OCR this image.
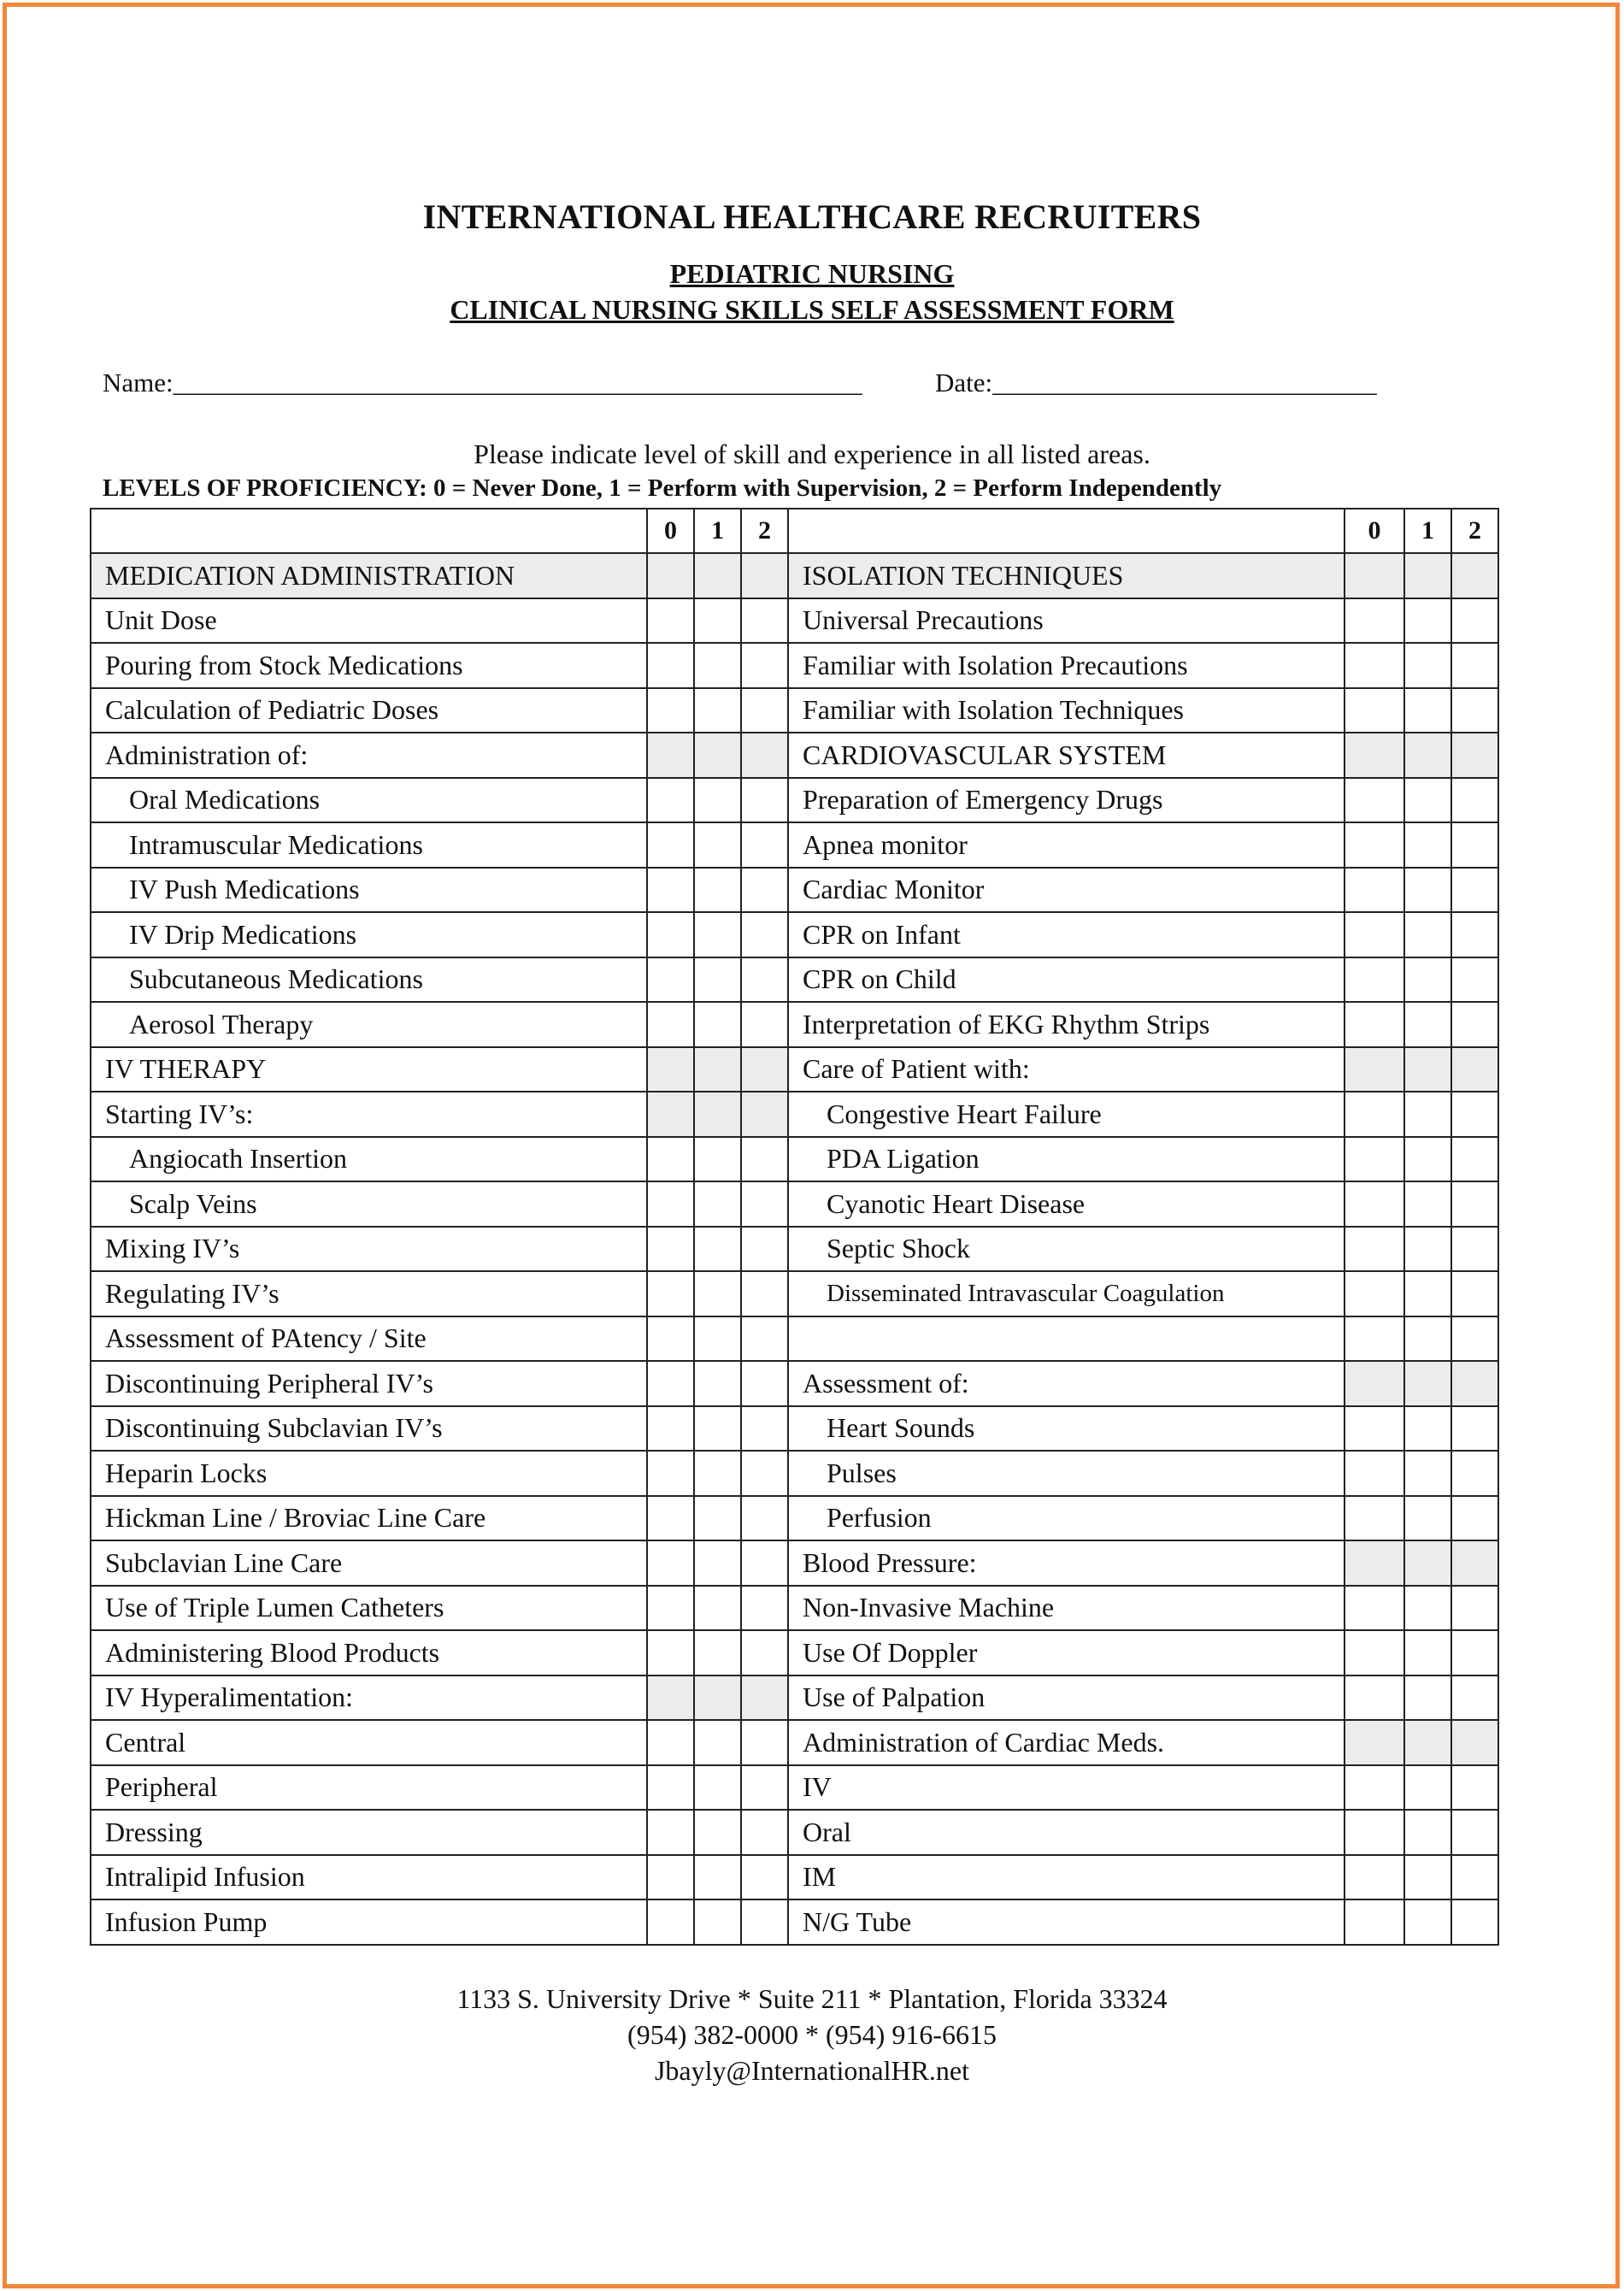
INTERNATIONAL HEALTHCARE RECRUITERS
PEDIATRIC NURSING
CLINICAL NURSING SKILLS SELF ASSESSMENT FORM
Name:____________________________________________________	Date:_____________________________
Please indicate level of skill and experience in all listed areas.
LEVELS OF PROFICIENCY: 0 = Never Done, 1 = Perform with Supervision, 2 = Perform Independently
	0	1	2		0	1	2
MEDICATION ADMINISTRATION				ISOLATION TECHNIQUES			
Unit Dose				Universal Precautions			
Pouring from Stock Medications				Familiar with Isolation Precautions			
Calculation of Pediatric Doses				Familiar with Isolation Techniques			
Administration of:				CARDIOVASCULAR SYSTEM			
Oral Medications				Preparation of Emergency Drugs			
Intramuscular Medications				Apnea monitor			
IV Push Medications				Cardiac Monitor			
IV Drip Medications				CPR on Infant			
Subcutaneous Medications				CPR on Child			
Aerosol Therapy				Interpretation of EKG Rhythm Strips			
IV THERAPY				Care of Patient with:			
Starting IV’s:				Congestive Heart Failure			
Angiocath Insertion				PDA Ligation			
Scalp Veins				Cyanotic Heart Disease			
Mixing IV’s				Septic Shock			
Regulating IV’s				Disseminated Intravascular Coagulation			
Assessment of PAtency / Site							
Discontinuing Peripheral IV’s				Assessment of:			
Discontinuing Subclavian IV’s				Heart Sounds			
Heparin Locks				Pulses			
Hickman Line / Broviac Line Care				Perfusion			
Subclavian Line Care				Blood Pressure:			
Use of Triple Lumen Catheters				Non-Invasive Machine			
Administering Blood Products				Use Of Doppler			
IV Hyperalimentation:				Use of Palpation			
Central				Administration of Cardiac Meds.			
Peripheral				IV			
Dressing				Oral			
Intralipid Infusion				IM			
Infusion Pump				N/G Tube			
1133 S. University Drive * Suite 211 * Plantation, Florida 33324
(954) 382-0000 * (954) 916-6615
Jbayly@InternationalHR.net
